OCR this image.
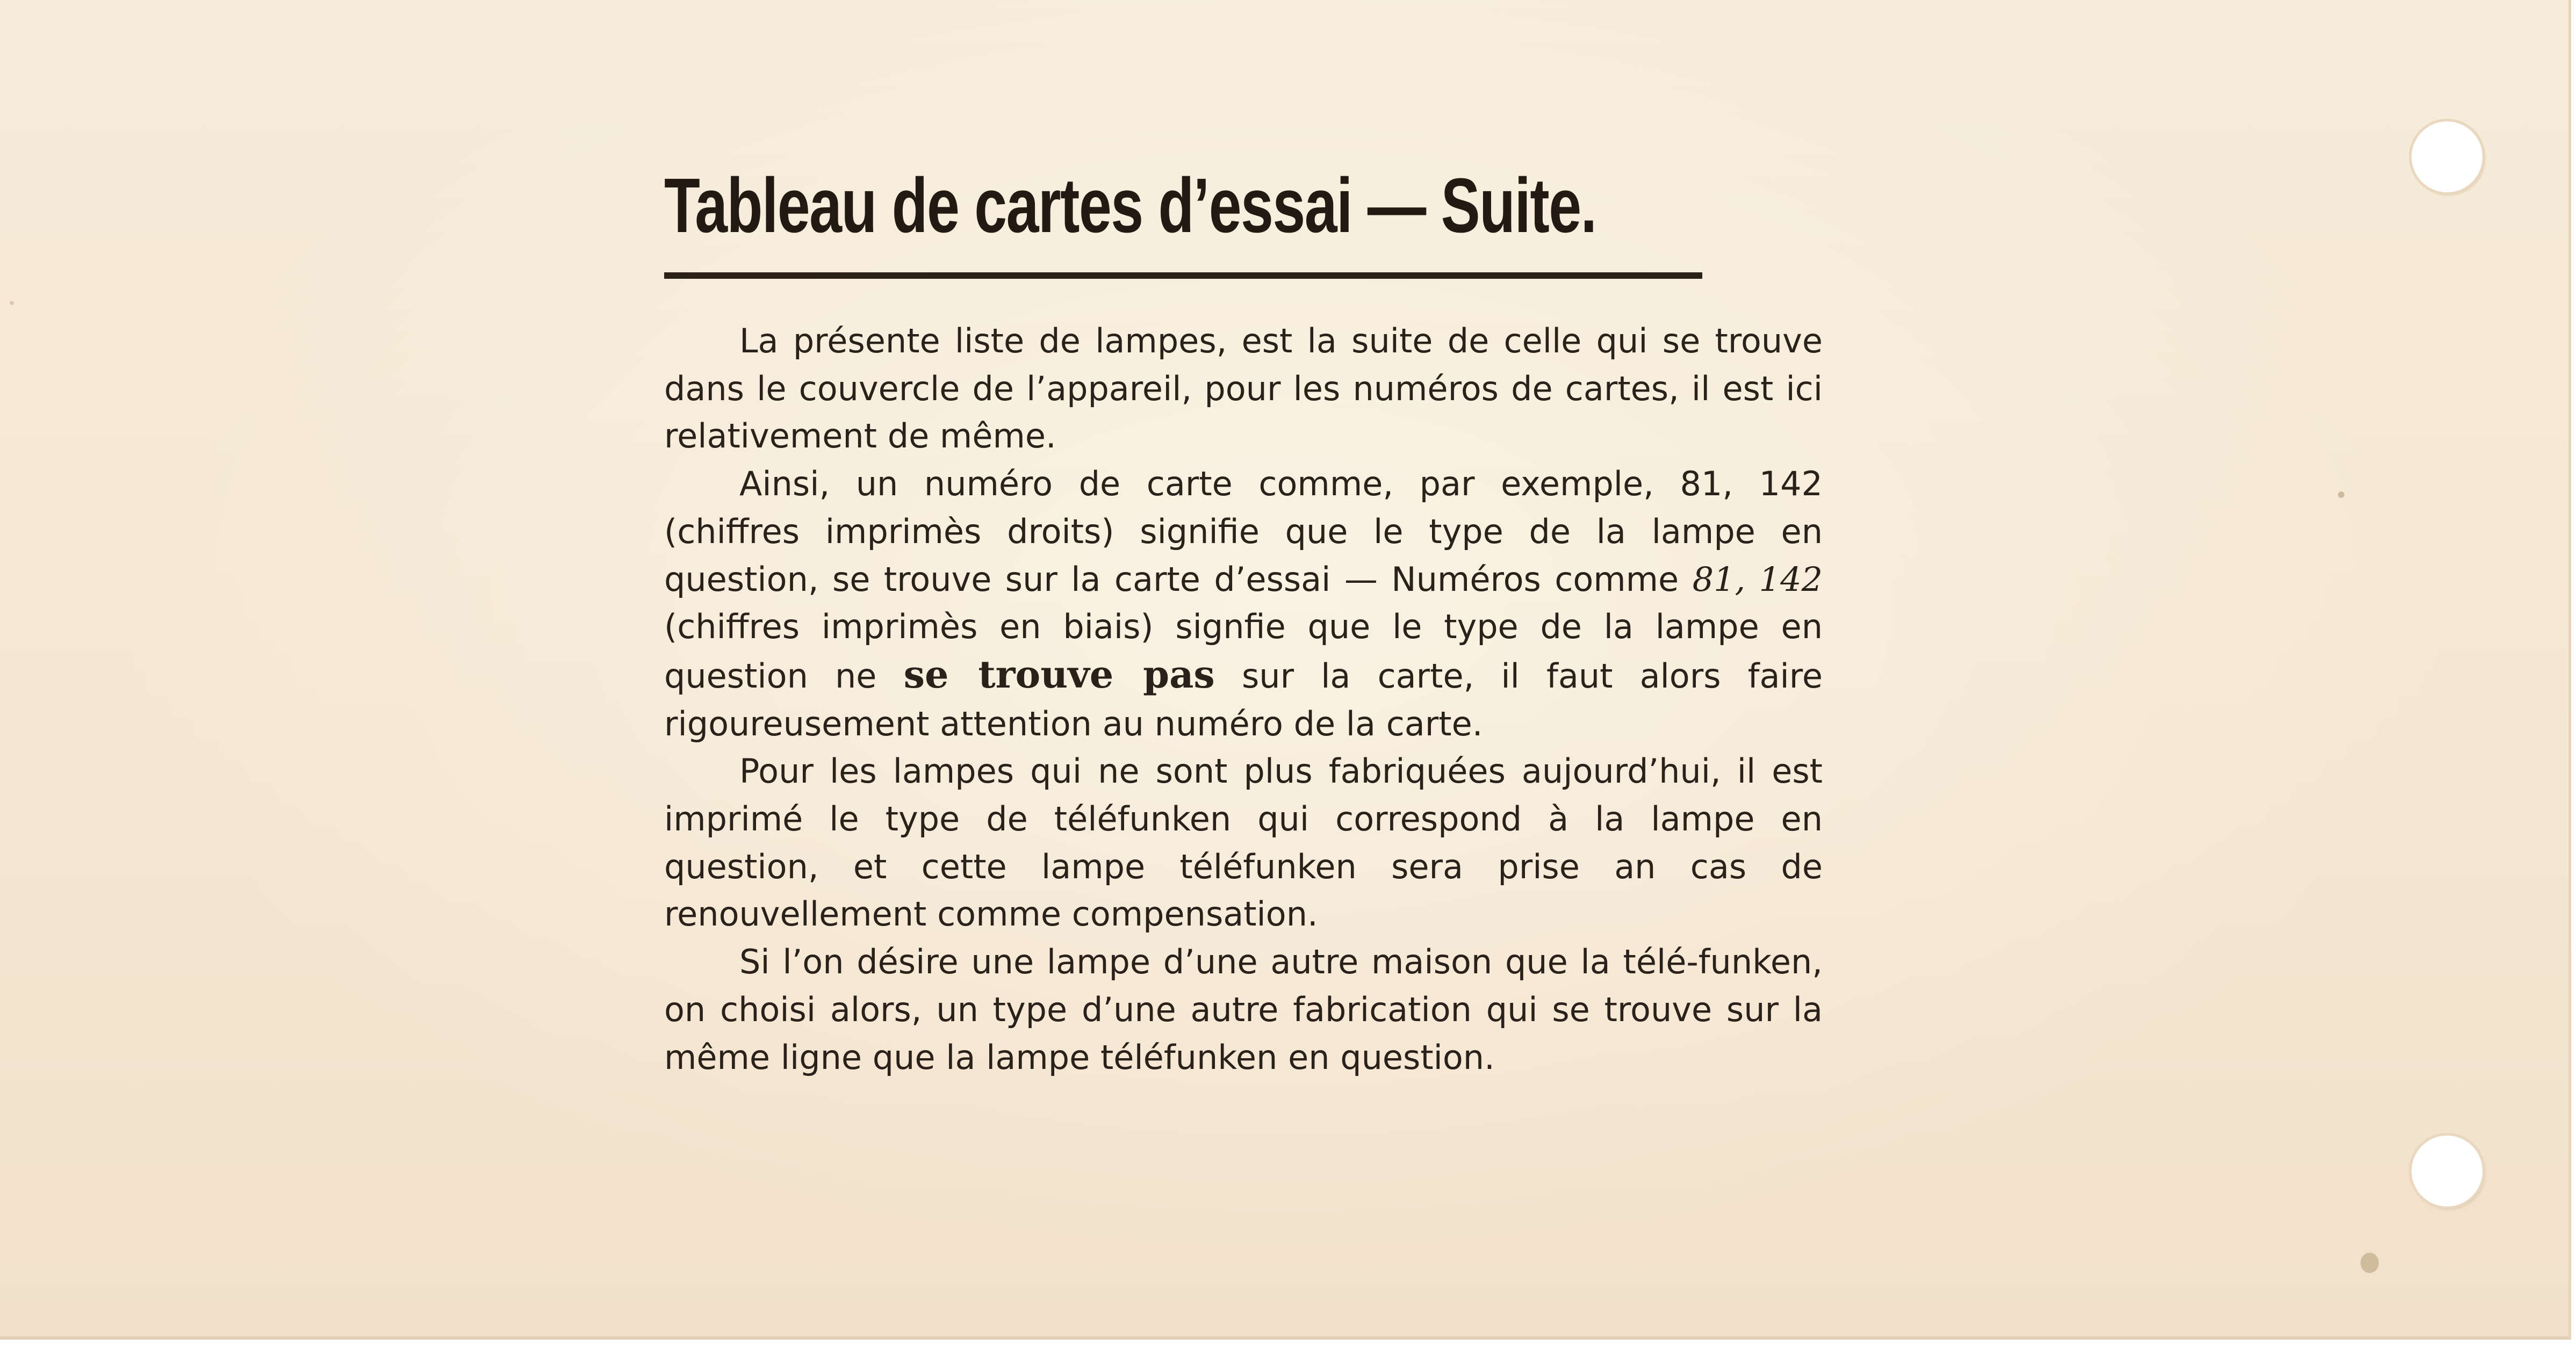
Tableau de cartes d’essai — Suite.

La présente liste de lampes, est la suite de celle qui se trouve dans le couvercle de l’appareil, pour les numéros de cartes, il est ici relativement de même.

Ainsi, un numéro de carte comme, par exemple, 81, 142 (chiffres imprimès droits) signifie que le type de la lampe en question, se trouve sur la carte d’essai — Numéros comme 81, 142 (chiffres imprimès en biais) signfie que le type de la lampe en question ne se trouve pas sur la carte, il faut alors faire rigoureusement attention au numéro de la carte.

Pour les lampes qui ne sont plus fabriquées aujourd’hui, il est imprimé le type de téléfunken qui correspond à la lampe en question, et cette lampe téléfunken sera prise an cas de renouvellement comme compensation.

Si l’on désire une lampe d’une autre maison que la télé-funken, on choisi alors, un type d’une autre fabrication qui se trouve sur la même ligne que la lampe téléfunken en question.
